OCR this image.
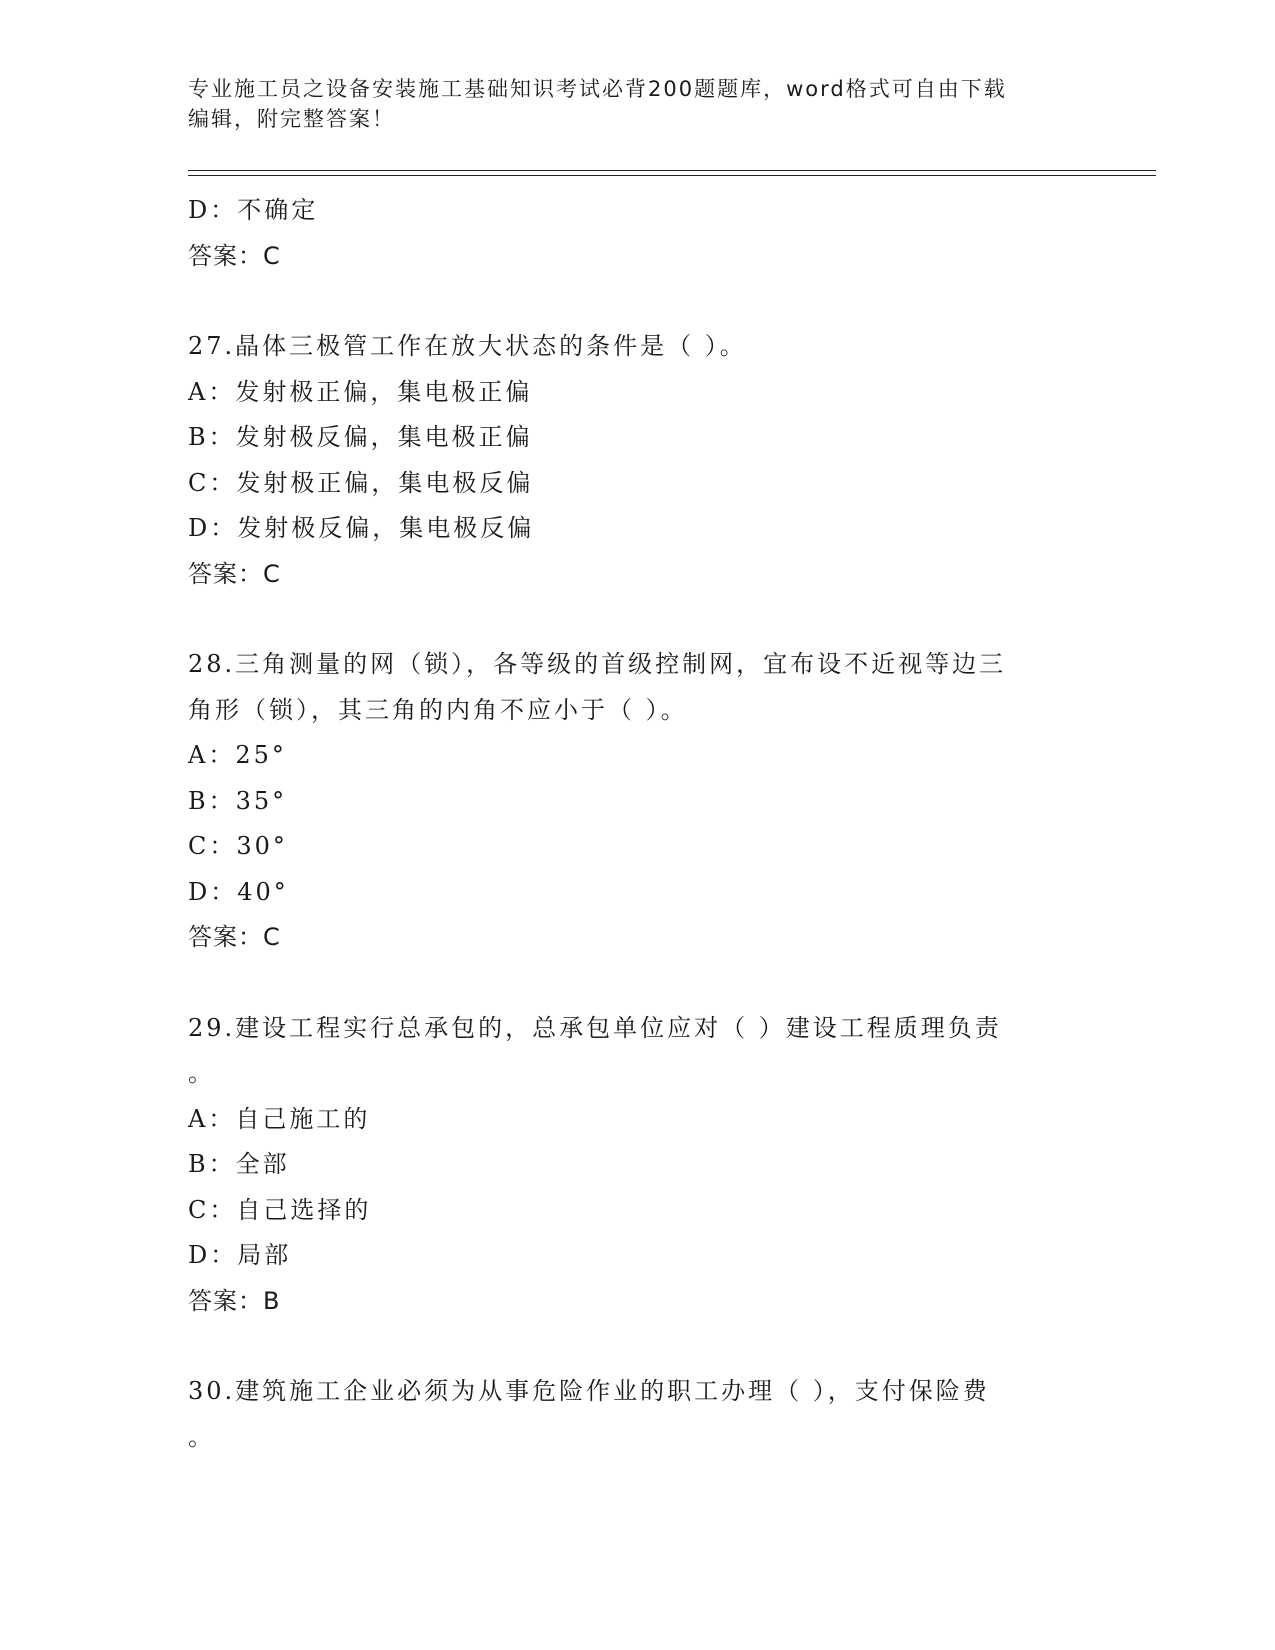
专业施工员之设备安装施工基础知识考试必背200题题库，word格式可自由下载
编辑，附完整答案！
D：不确定
答案：C
27.晶体三极管工作在放大状态的条件是（ ）。
A：发射极正偏，集电极正偏
B：发射极反偏，集电极正偏
C：发射极正偏，集电极反偏
D：发射极反偏，集电极反偏
答案：C
28.三角测量的网（锁），各等级的首级控制网，宜布设不近视等边三
角形（锁），其三角的内角不应小于（ ）。
A：25°
B：35°
C：30°
D：40°
答案：C
29.建设工程实行总承包的，总承包单位应对（ ）建设工程质理负责
。
A：自己施工的
B：全部
C：自己选择的
D：局部
答案：B
30.建筑施工企业必须为从事危险作业的职工办理（ ），支付保险费
。
